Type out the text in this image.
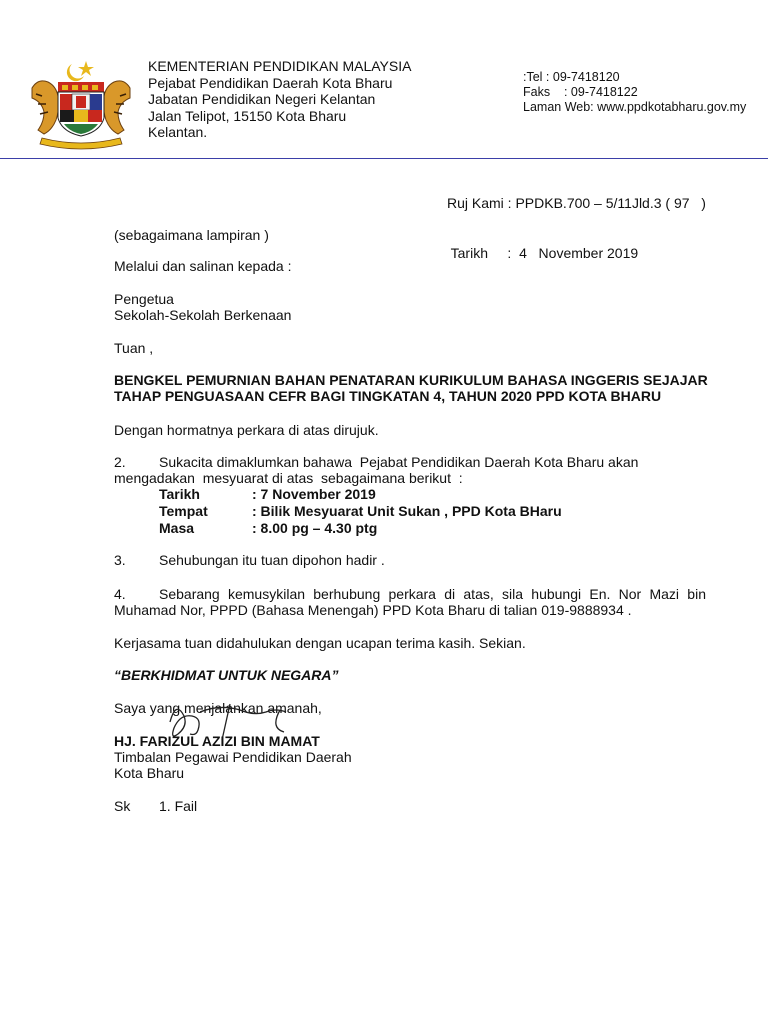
KEMENTERIAN PENDIDIKAN MALAYSIA
Pejabat Pendidikan Daerah Kota Bharu
Jabatan Pendidikan Negeri Kelantan
Jalan Telipot, 15150 Kota Bharu
Kelantan.
:Tel : 09-7418120
Faks    : 09-7418122
Laman Web: www.ppdkotabharu.gov.my

Ruj Kami : PPDKB.700 – 5/11Jld.3 ( 97   )

Tarikh     :  4   November 2019

(sebagaimana lampiran )
Melalui dan salinan kepada :
Pengetua
Sekolah-Sekolah Berkenaan
Tuan ,
BENGKEL PEMURNIAN BAHAN PENATARAN KURIKULUM BAHASA INGGERIS SEJAJAR
TAHAP PENGUASAAN CEFR BAGI TINGKATAN 4, TAHUN 2020 PPD KOTA BHARU
Dengan hormatnya perkara di atas dirujuk.
2. Sukacita dimaklumkan bahawa  Pejabat Pendidikan Daerah Kota Bharu akan
mengadakan  mesyuarat di atas  sebagaimana berikut  :
Tarikh	: 7 November 2019
Tempat	: Bilik Mesyuarat Unit Sukan , PPD Kota BHaru
Masa	: 8.00 pg – 4.30 ptg
3. Sehubungan itu tuan dipohon hadir .
4. Sebarang kemusykilan berhubung perkara di atas, sila hubungi En. Nor Mazi bin
Muhamad Nor, PPPD (Bahasa Menengah) PPD Kota Bharu di talian 019-9888934 .
Kerjasama tuan didahulukan dengan ucapan terima kasih. Sekian.
“BERKHIDMAT UNTUK NEGARA”
Saya yang menjalankan amanah,
HJ. FARIZUL AZIZI BIN MAMAT
Timbalan Pegawai Pendidikan Daerah
Kota Bharu
Sk 1. Fail
